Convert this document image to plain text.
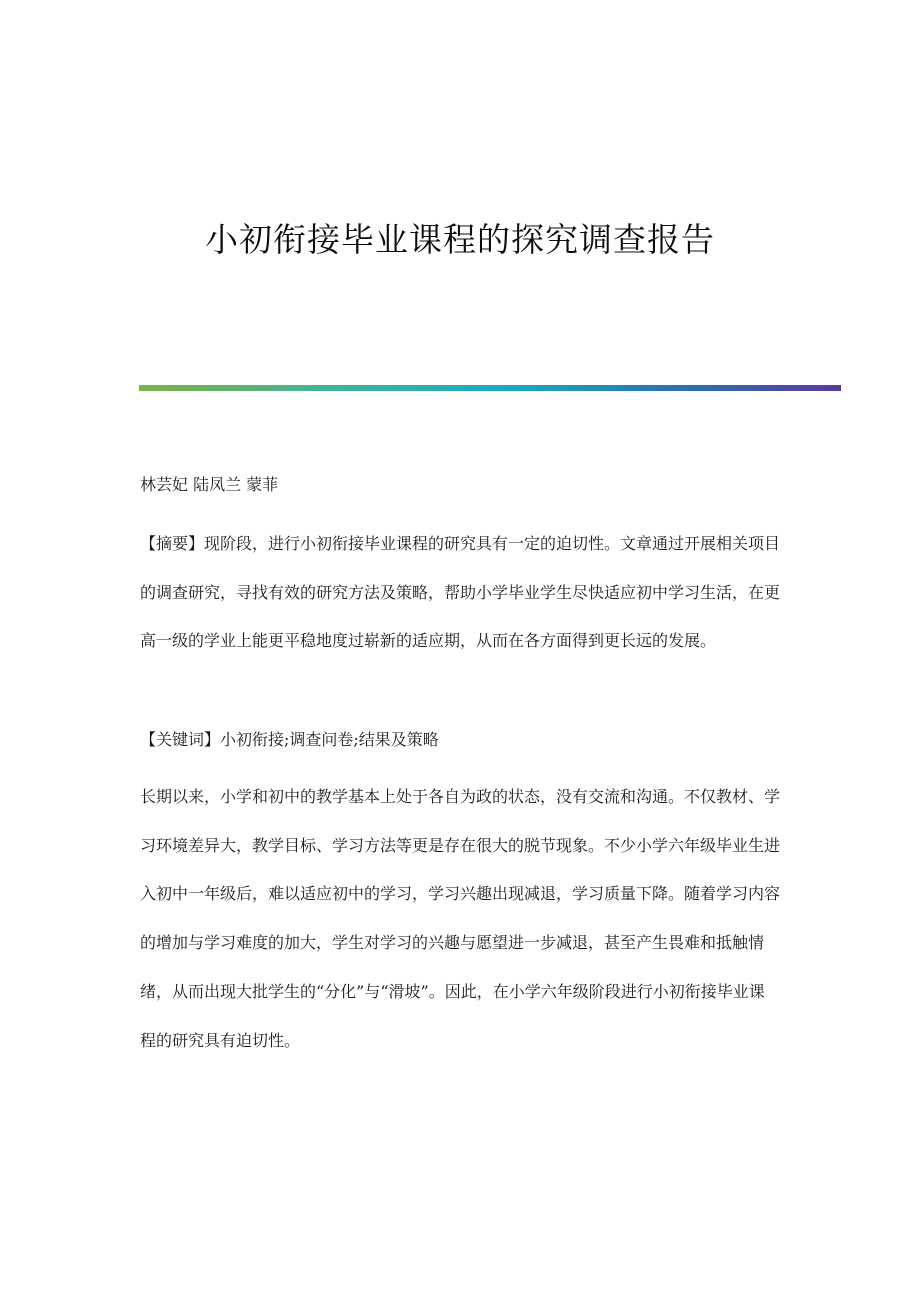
小初衔接毕业课程的探究调查报告

林芸妃 陆凤兰 蒙菲

【摘要】现阶段，进行小初衔接毕业课程的研究具有一定的迫切性。文章通过开展相关项目的调查研究，寻找有效的研究方法及策略，帮助小学毕业学生尽快适应初中学习生活，在更高一级的学业上能更平稳地度过崭新的适应期，从而在各方面得到更长远的发展。

【关键词】小初衔接;调查问卷;结果及策略

长期以来，小学和初中的教学基本上处于各自为政的状态，没有交流和沟通。不仅教材、学习环境差异大，教学目标、学习方法等更是存在很大的脱节现象。不少小学六年级毕业生进入初中一年级后，难以适应初中的学习，学习兴趣出现减退，学习质量下降。随着学习内容的增加与学习难度的加大，学生对学习的兴趣与愿望进一步减退，甚至产生畏难和抵触情绪，从而出现大批学生的“分化”与“滑坡”。因此，在小学六年级阶段进行小初衔接毕业课程的研究具有迫切性。
